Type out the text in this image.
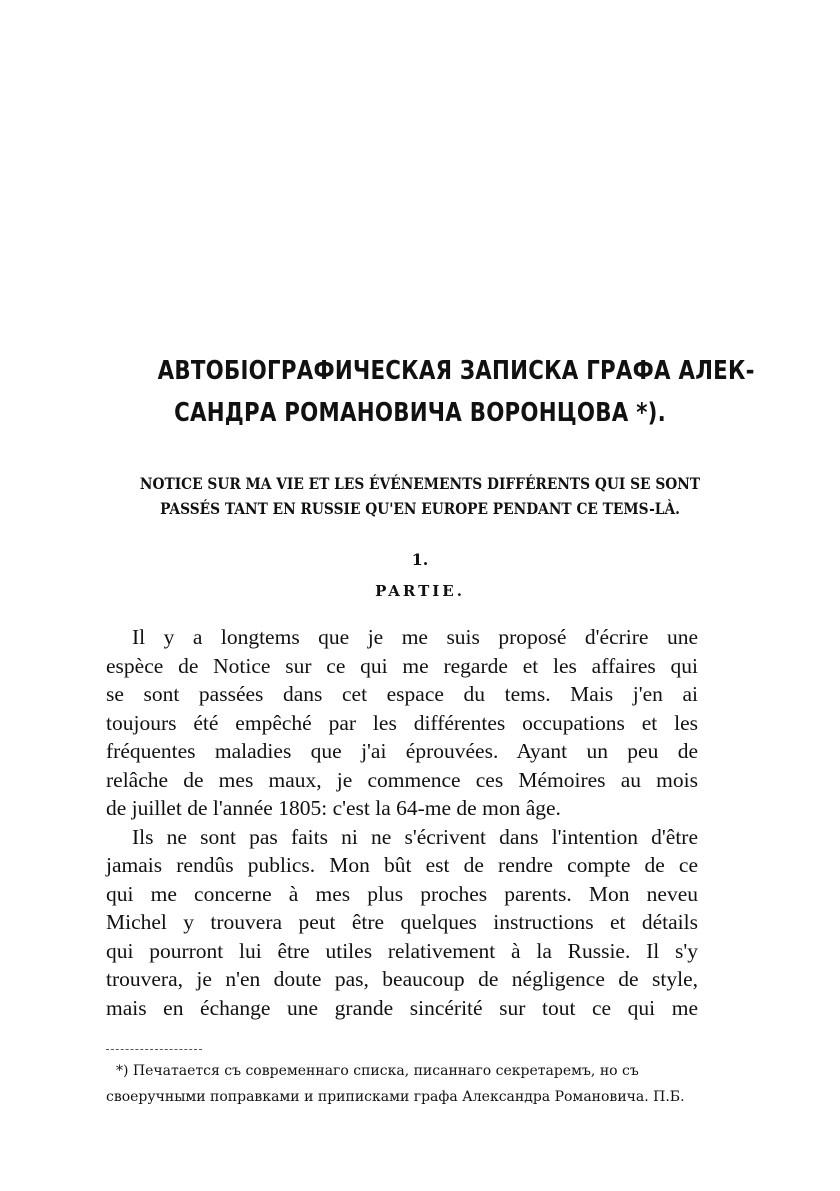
АВТОБІОГРАФИЧЕСКАЯ ЗАПИСКА ГРАФА АЛЕК-
САНДРА РОМАНОВИЧА ВОРОНЦОВА *).
NOTICE SUR MA VIE ET LES ÉVÉNEMENTS DIFFÉRENTS QUI SE SONT
PASSÉS TANT EN RUSSIE QU'EN EUROPE PENDANT CE TEMS-LÀ.
1.
PARTIE.
Il y a longtems que je me suis proposé d'écrire une
espèce de Notice sur ce qui me regarde et les affaires qui
se sont passées dans cet espace du tems. Mais j'en ai
toujours été empêché par les différentes occupations et les
fréquentes maladies que j'ai éprouvées. Ayant un peu de
relâche de mes maux, je commence ces Mémoires au mois
de juillet de l'année 1805: c'est la 64-me de mon âge.
Ils ne sont pas faits ni ne s'écrivent dans l'intention d'être
jamais rendûs publics. Mon bût est de rendre compte de ce
qui me concerne à mes plus proches parents. Mon neveu
Michel y trouvera peut être quelques instructions et détails
qui pourront lui être utiles relativement à la Russie. Il s'y
trouvera, je n'en doute pas, beaucoup de négligence de style,
mais en échange une grande sincérité sur tout ce qui me
*) Печатается съ современнаго списка, писаннаго секретаремъ, но съ
своеручными поправками и приписками графа Александра Романовича. П.Б.
